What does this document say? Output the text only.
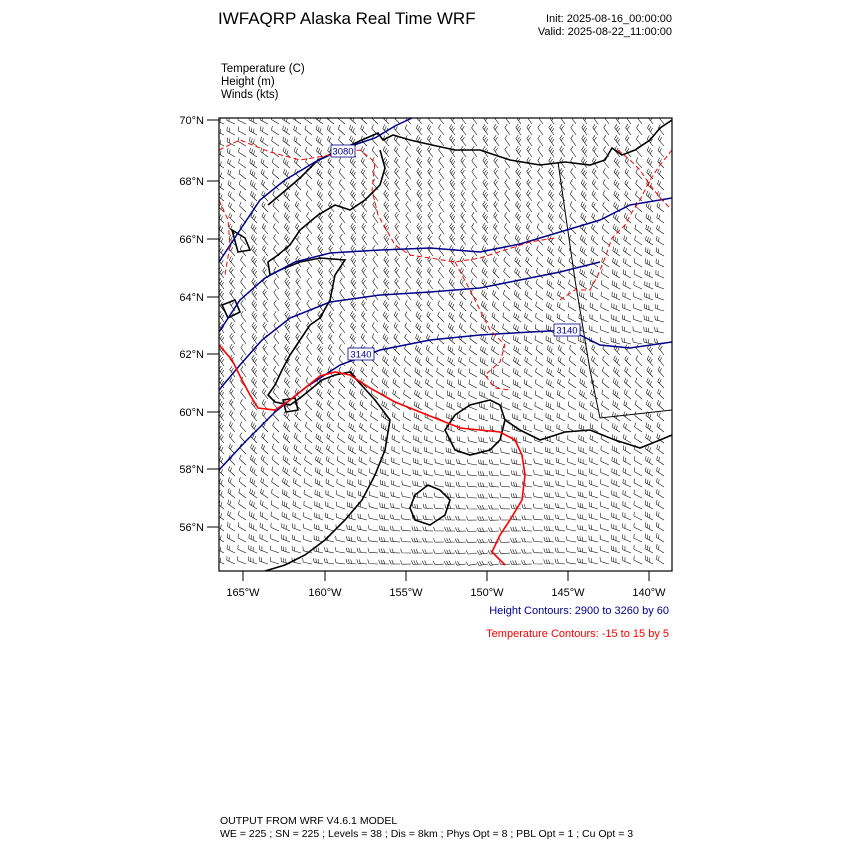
IWFAQRP Alaska Real Time WRF	Init: 2025-08-16_00:00:00
Valid: 2025-08-22_11:00:00
Temperature (C)
Height (m)
Winds (kts)
3080
3140
3140
70°N
68°N
66°N
64°N
62°N
60°N
58°N
56°N
165°W	160°W	155°W	150°W	145°W	140°W
Height Contours: 2900 to 3260 by 60
Temperature Contours: -15 to 15 by 5
OUTPUT FROM WRF V4.6.1 MODEL
WE = 225 ; SN = 225 ; Levels = 38 ; Dis = 8km ; Phys Opt = 8 ; PBL Opt = 1 ; Cu Opt = 3
